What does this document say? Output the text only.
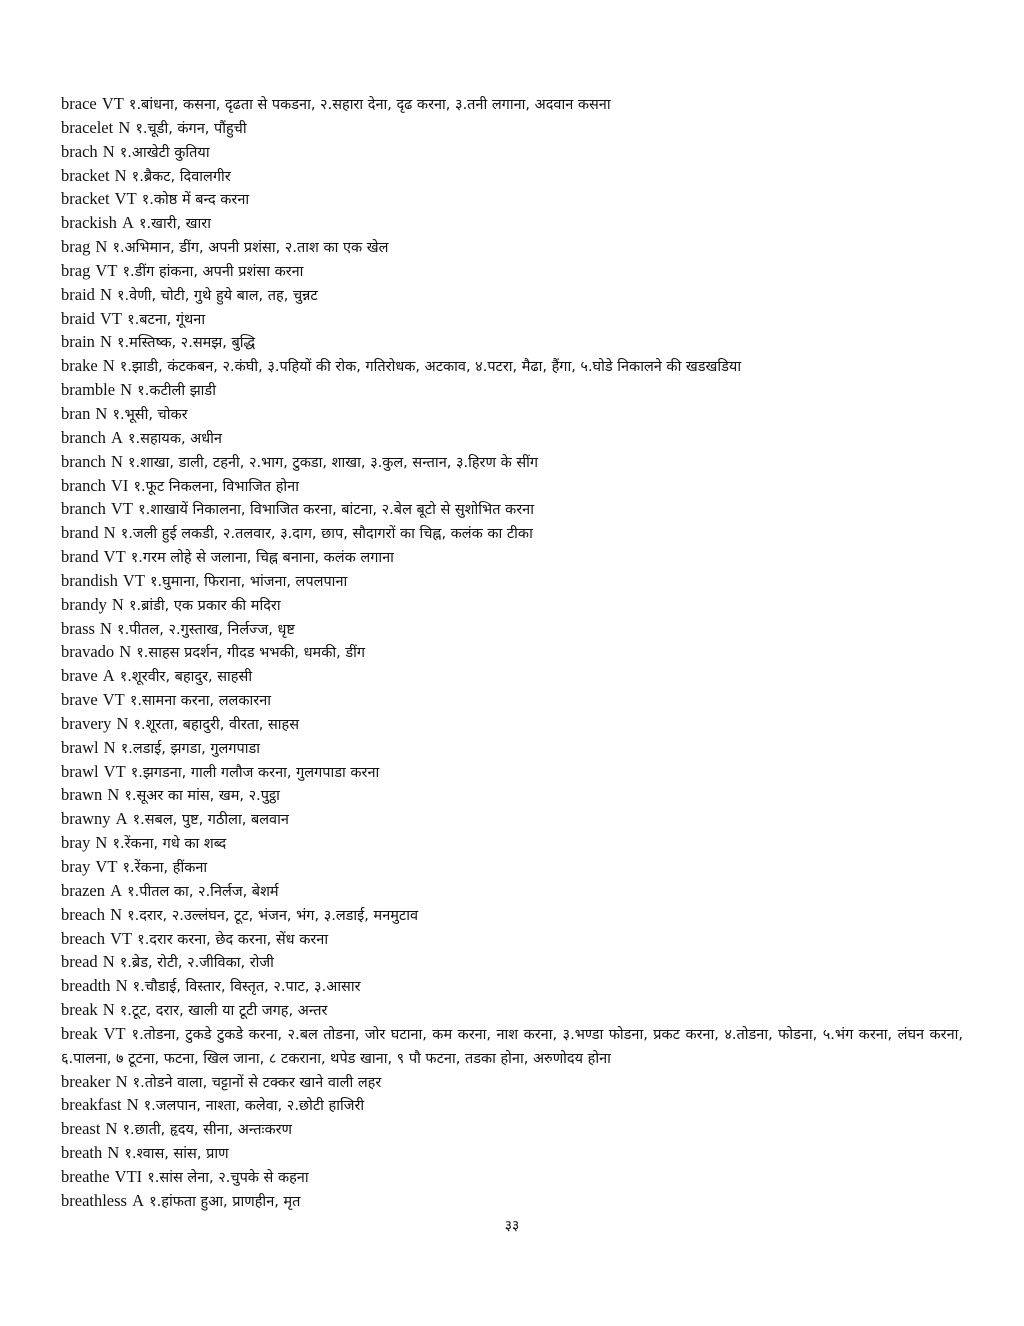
brace VT १.बांधना, कसना, दृढता से पकडना, २.सहारा देना, दृढ करना, ३.तनी लगाना, अदवान कसना
bracelet N १.चूडी, कंगन, पौंहुची
brach N १.आखेटी कुतिया
bracket N १.ब्रैकट, दिवालगीर
bracket VT १.कोष्ठ में बन्द करना
brackish A १.खारी, खारा
brag N १.अभिमान, डींग, अपनी प्रशंसा, २.ताश का एक खेल
brag VT १.डींग हांकना, अपनी प्रशंसा करना
braid N १.वेणी, चोटी, गुथे हुये बाल, तह, चुन्नट
braid VT १.बटना, गूंथना
brain N १.मस्तिष्क, २.समझ, बुद्धि
brake N १.झाडी, कंटकबन, २.कंघी, ३.पहियों की रोक, गतिरोधक, अटकाव, ४.पटरा, मैढा, हैंगा, ५.घोडे निकालने की खडखडिया
bramble N १.कटीली झाडी
bran N १.भूसी, चोकर
branch A १.सहायक, अधीन
branch N १.शाखा, डाली, टहनी, २.भाग, टुकडा, शाखा, ३.कुल, सन्तान, ३.हिरण के सींग
branch VI १.फूट निकलना, विभाजित होना
branch VT १.शाखायें निकालना, विभाजित करना, बांटना, २.बेल बूटो से सुशोभित करना
brand N १.जली हुई लकडी, २.तलवार, ३.दाग, छाप, सौदागरों का चिह्न, कलंक का टीका
brand VT १.गरम लोहे से जलाना, चिह्न बनाना, कलंक लगाना
brandish VT १.घुमाना, फिराना, भांजना, लपलपाना
brandy N १.ब्रांडी, एक प्रकार की मदिरा
brass N १.पीतल, २.गुस्ताख, निर्लज्ज, धृष्ट
bravado N १.साहस प्रदर्शन, गीदड भभकी, धमकी, डींग
brave A १.शूरवीर, बहादुर, साहसी
brave VT १.सामना करना, ललकारना
bravery N १.शूरता, बहादुरी, वीरता, साहस
brawl N १.लडाई, झगडा, गुलगपाडा
brawl VT १.झगडना, गाली गलौज करना, गुलगपाडा करना
brawn N १.सूअर का मांस, खम, २.पुट्ठा
brawny A १.सबल, पुष्ट, गठीला, बलवान
bray N १.रेंकना, गधे का शब्द
bray VT १.रेंकना, हींकना
brazen A १.पीतल का, २.निर्लज, बेशर्म
breach N १.दरार, २.उल्लंघन, टूट, भंजन, भंग, ३.लडाई, मनमुटाव
breach VT १.दरार करना, छेद करना, सेंध करना
bread N १.ब्रेड, रोटी, २.जीविका, रोजी
breadth N १.चौडाई, विस्तार, विस्तृत, २.पाट, ३.आसार
break N १.टूट, दरार, खाली या टूटी जगह, अन्तर
break VT १.तोडना, टुकडे टुकडे करना, २.बल तोडना, जोर घटाना, कम करना, नाश करना, ३.भण्डा फोडना, प्रकट करना, ४.तोडना, फोडना, ५.भंग करना, लंघन करना, ६.पालना, ७ टूटना, फटना, खिल जाना, ८ टकराना, थपेड खाना, ९ पौ फटना, तडका होना, अरुणोदय होना
breaker N १.तोडने वाला, चट्टानों से टक्कर खाने वाली लहर
breakfast N १.जलपान, नाश्ता, कलेवा, २.छोटी हाजिरी
breast N १.छाती, हृदय, सीना, अन्तःकरण
breath N १.श्वास, सांस, प्राण
breathe VTI १.सांस लेना, २.चुपके से कहना
breathless A १.हांफता हुआ, प्राणहीन, मृत
३३
